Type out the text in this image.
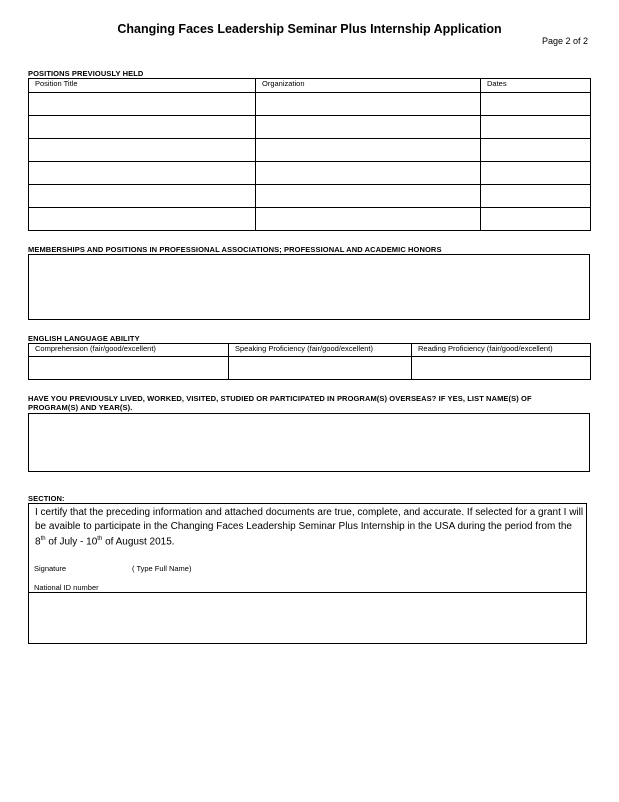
Changing Faces Leadership Seminar Plus Internship Application
Page 2 of 2
POSITIONS PREVIOUSLY HELD
Position Title	Organization	Dates

MEMBERSHIPS AND POSITIONS IN PROFESSIONAL ASSOCIATIONS; PROFESSIONAL AND ACADEMIC HONORS
ENGLISH LANGUAGE ABILITY
Comprehension (fair/good/excellent)	Speaking Proficiency (fair/good/excellent)	Reading Proficiency (fair/good/excellent)

HAVE YOU PREVIOUSLY LIVED, WORKED, VISITED, STUDIED OR PARTICIPATED IN PROGRAM(S) OVERSEAS? IF YES, LIST NAME(S) OF
PROGRAM(S) AND YEAR(S).
SECTION:
I certify that the preceding information and attached documents are true, complete, and accurate. If selected for a grant I will be avaible to participate in the Changing Faces Leadership Seminar Plus Internship in the USA during the period from the 8th of July - 10th of August 2015.
Signature	( Type Full Name)
National ID number
